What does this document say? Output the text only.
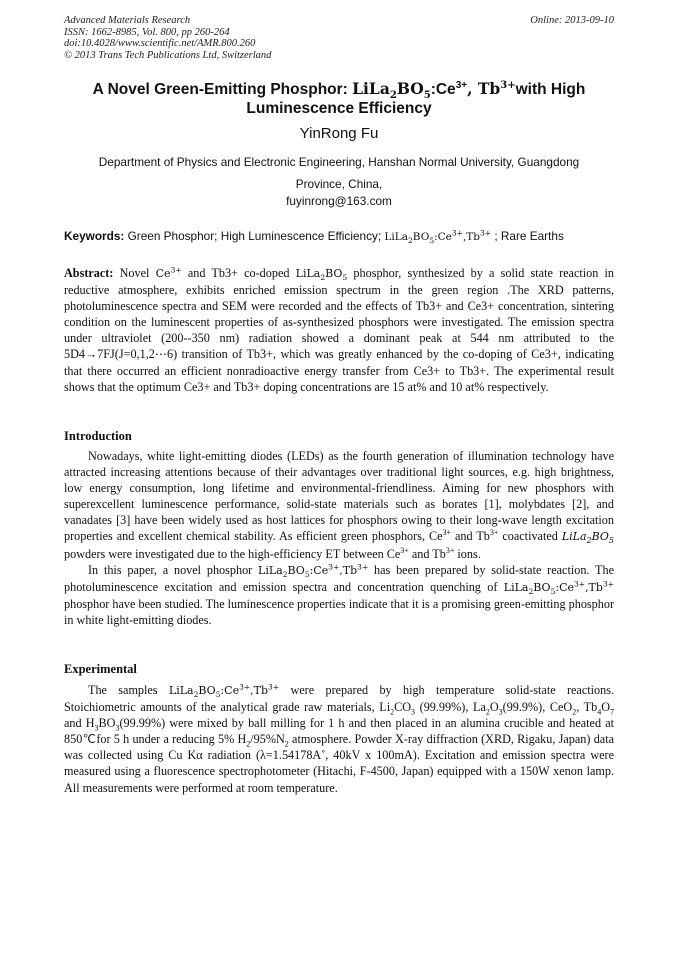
Advanced Materials Research
ISSN: 1662-8985, Vol. 800, pp 260-264
doi:10.4028/www.scientific.net/AMR.800.260
© 2013 Trans Tech Publications Ltd, Switzerland
Online: 2013-09-10
A Novel Green-Emitting Phosphor: $LiLa_2BO_5:Ce^{3+}$, $Tb^{3+}with$ High
Luminescence Efficiency
YinRong Fu
Department of Physics and Electronic Engineering, Hanshan Normal University, Guangdong
Province, China,
fuyinrong@163.com
Keywords: Green Phosphor; High Luminescence Efficiency; $LiLa_2BO_5:Ce^{3+},Tb^{3+}$ ; Rare Earths

Abstract: Novel $Ce^{3+}$ and Tb3+ co-doped $LiLa_2BO_5$ phosphor, synthesized by a solid state reaction in reductive atmosphere, exhibits enriched emission spectrum in the green region .The XRD patterns, photoluminescence spectra and SEM were recorded and the effects of Tb3+ and Ce3+ concentration, sintering condition on the luminescent properties of as-synthesized phosphors were investigated. The emission spectra under ultraviolet (200--350 nm) radiation showed a dominant peak at 544 nm attributed to the 5D4→7FJ(J=0,1,2⋯6) transition of Tb3+, which was greatly enhanced by the co-doping of Ce3+, indicating that there occurred an efficient nonradioactive energy transfer from Ce3+ to Tb3+. The experimental result shows that the optimum Ce3+ and Tb3+ doping concentrations are 15 at% and 10 at% respectively.

Introduction

Nowadays, white light-emitting diodes (LEDs) as the fourth generation of illumination technology have attracted increasing attentions because of their advantages over traditional light sources, e.g. high brightness, low energy consumption, long lifetime and environmental-friendliness. Aiming for new phosphors with superexcellent luminescence performance, solid-state materials such as borates [1], molybdates [2], and vanadates [3] have been widely used as host lattices for phosphors owing to their long-wave length excitation properties and excellent chemical stability. As efficient green phosphors, $Ce^{3+}$ and $Tb^{3+}$ coactivated $LiLa_2BO_5$ powders were investigated due to the high-efficiency ET between $Ce^{3+}$ and $Tb^{3+}$ ions.

In this paper, a novel phosphor $LiLa_2BO_5:Ce^{3+},Tb^{3+}$ has been prepared by solid-state reaction. The photoluminescence excitation and emission spectra and concentration quenching of $LiLa_2BO_5:Ce^{3+},Tb^{3+}$ phosphor have been studied. The luminescence properties indicate that it is a promising green-emitting phosphor in white light-emitting diodes.

Experimental

The samples $LiLa_2BO_5:Ce^{3+},Tb^{3+}$ were prepared by high temperature solid-state reactions. Stoichiometric amounts of the analytical grade raw materials, $Li_2CO_3$ (99.99%), $La_2O_3(99.9\%)$, CeO$_2$, $Tb_4O_7$ and $H_3BO_3(99.99\%)$ were mixed by ball milling for 1 h and then placed in an alumina crucible and heated at 850℃for 5 h under a reducing 5% $H_2/95\%N_2$ atmosphere. Powder X-ray diffraction (XRD, Rigaku, Japan) data was collected using Cu Kα radiation (λ=1.54178A˚, 40kV x 100mA). Excitation and emission spectra were measured using a fluorescence spectrophotometer (Hitachi, F-4500, Japan) equipped with a 150W xenon lamp. All measurements were performed at room temperature.
